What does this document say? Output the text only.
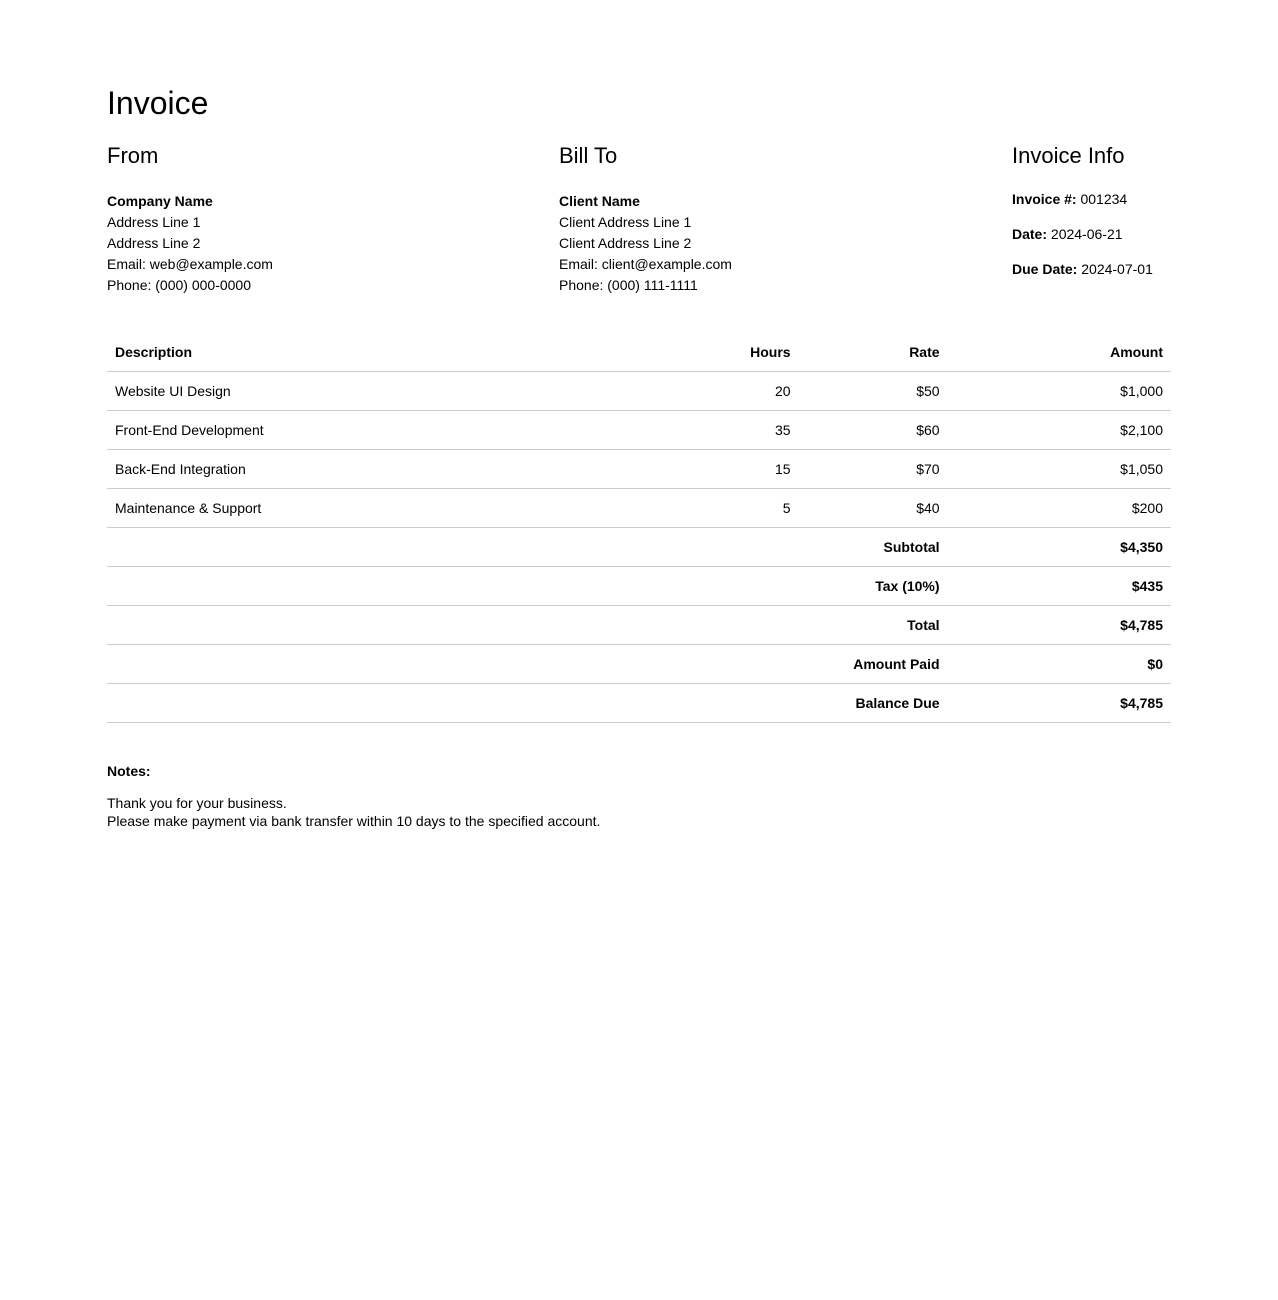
Invoice
From
Company Name
Address Line 1
Address Line 2
Email: web@example.com
Phone: (000) 000-0000
Bill To
Client Name
Client Address Line 1
Client Address Line 2
Email: client@example.com
Phone: (000) 111-1111
Invoice Info

Invoice #: 001234

Date: 2024-06-21

Due Date: 2024-07-01

Description	Hours	Rate	Amount
Website UI Design	20	$50	$1,000
Front-End Development	35	$60	$2,100
Back-End Integration	15	$70	$1,050
Maintenance & Support	5	$40	$200
Subtotal			$4,350
Tax (10%)			$435
Total			$4,785
Amount Paid			$0
Balance Due			$4,785

Notes:

Thank you for your business.
Please make payment via bank transfer within 10 days to the specified account.
